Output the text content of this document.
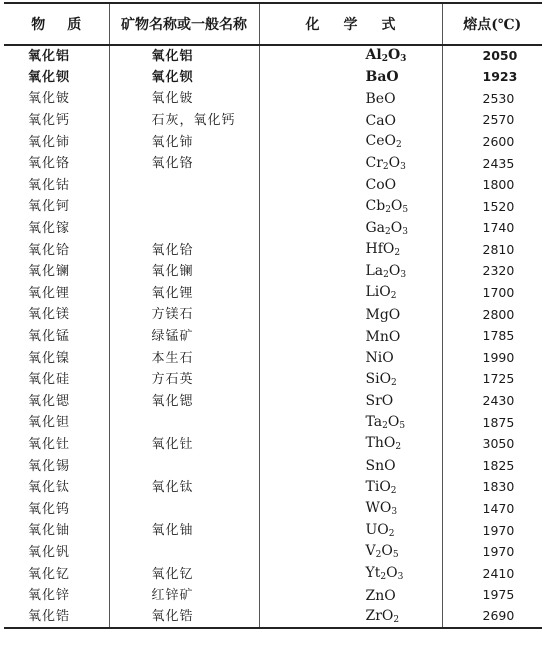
物质	矿物名称或一般名称	化学式	熔点(℃)
氧化铝	氧化铝	$Al_2O_3$	2050
氧化钡	氧化钡	BaO	1923
氧化铍	氧化铍	BeO	2530
氧化钙	石灰，氧化钙	CaO	2570
氧化铈	氧化铈	CeO$_2$	2600
氧化铬	氧化铬	$Cr_2O_3$	2435
氧化钴		CoO	1800
氧化钶		$Cb_2O_5$	1520
氧化镓		$Ga_2O_3$	1740
氧化铪	氧化铪	HfO$_2$	2810
氧化镧	氧化镧	$La_2O_3$	2320
氧化锂	氧化锂	LiO$_2$	1700
氧化镁	方镁石	MgO	2800
氧化锰	绿锰矿	MnO	1785
氧化镍	本生石	NiO	1990
氧化硅	方石英	SiO$_2$	1725
氧化锶	氧化锶	SrO	2430
氧化钽		$Ta_2O_5$	1875
氧化钍	氧化钍	ThO$_2$	3050
氧化锡		SnO	1825
氧化钛	氧化钛	TiO$_2$	1830
氧化钨		$WO_3$	1470
氧化铀	氧化铀	$UO_2$	1970
氧化钒		$V_2O_5$	1970
氧化钇	氧化钇	$Yt_2O_3$	2410
氧化锌	红锌矿	ZnO	1975
氧化锆	氧化锆	ZrO$_2$	2690
